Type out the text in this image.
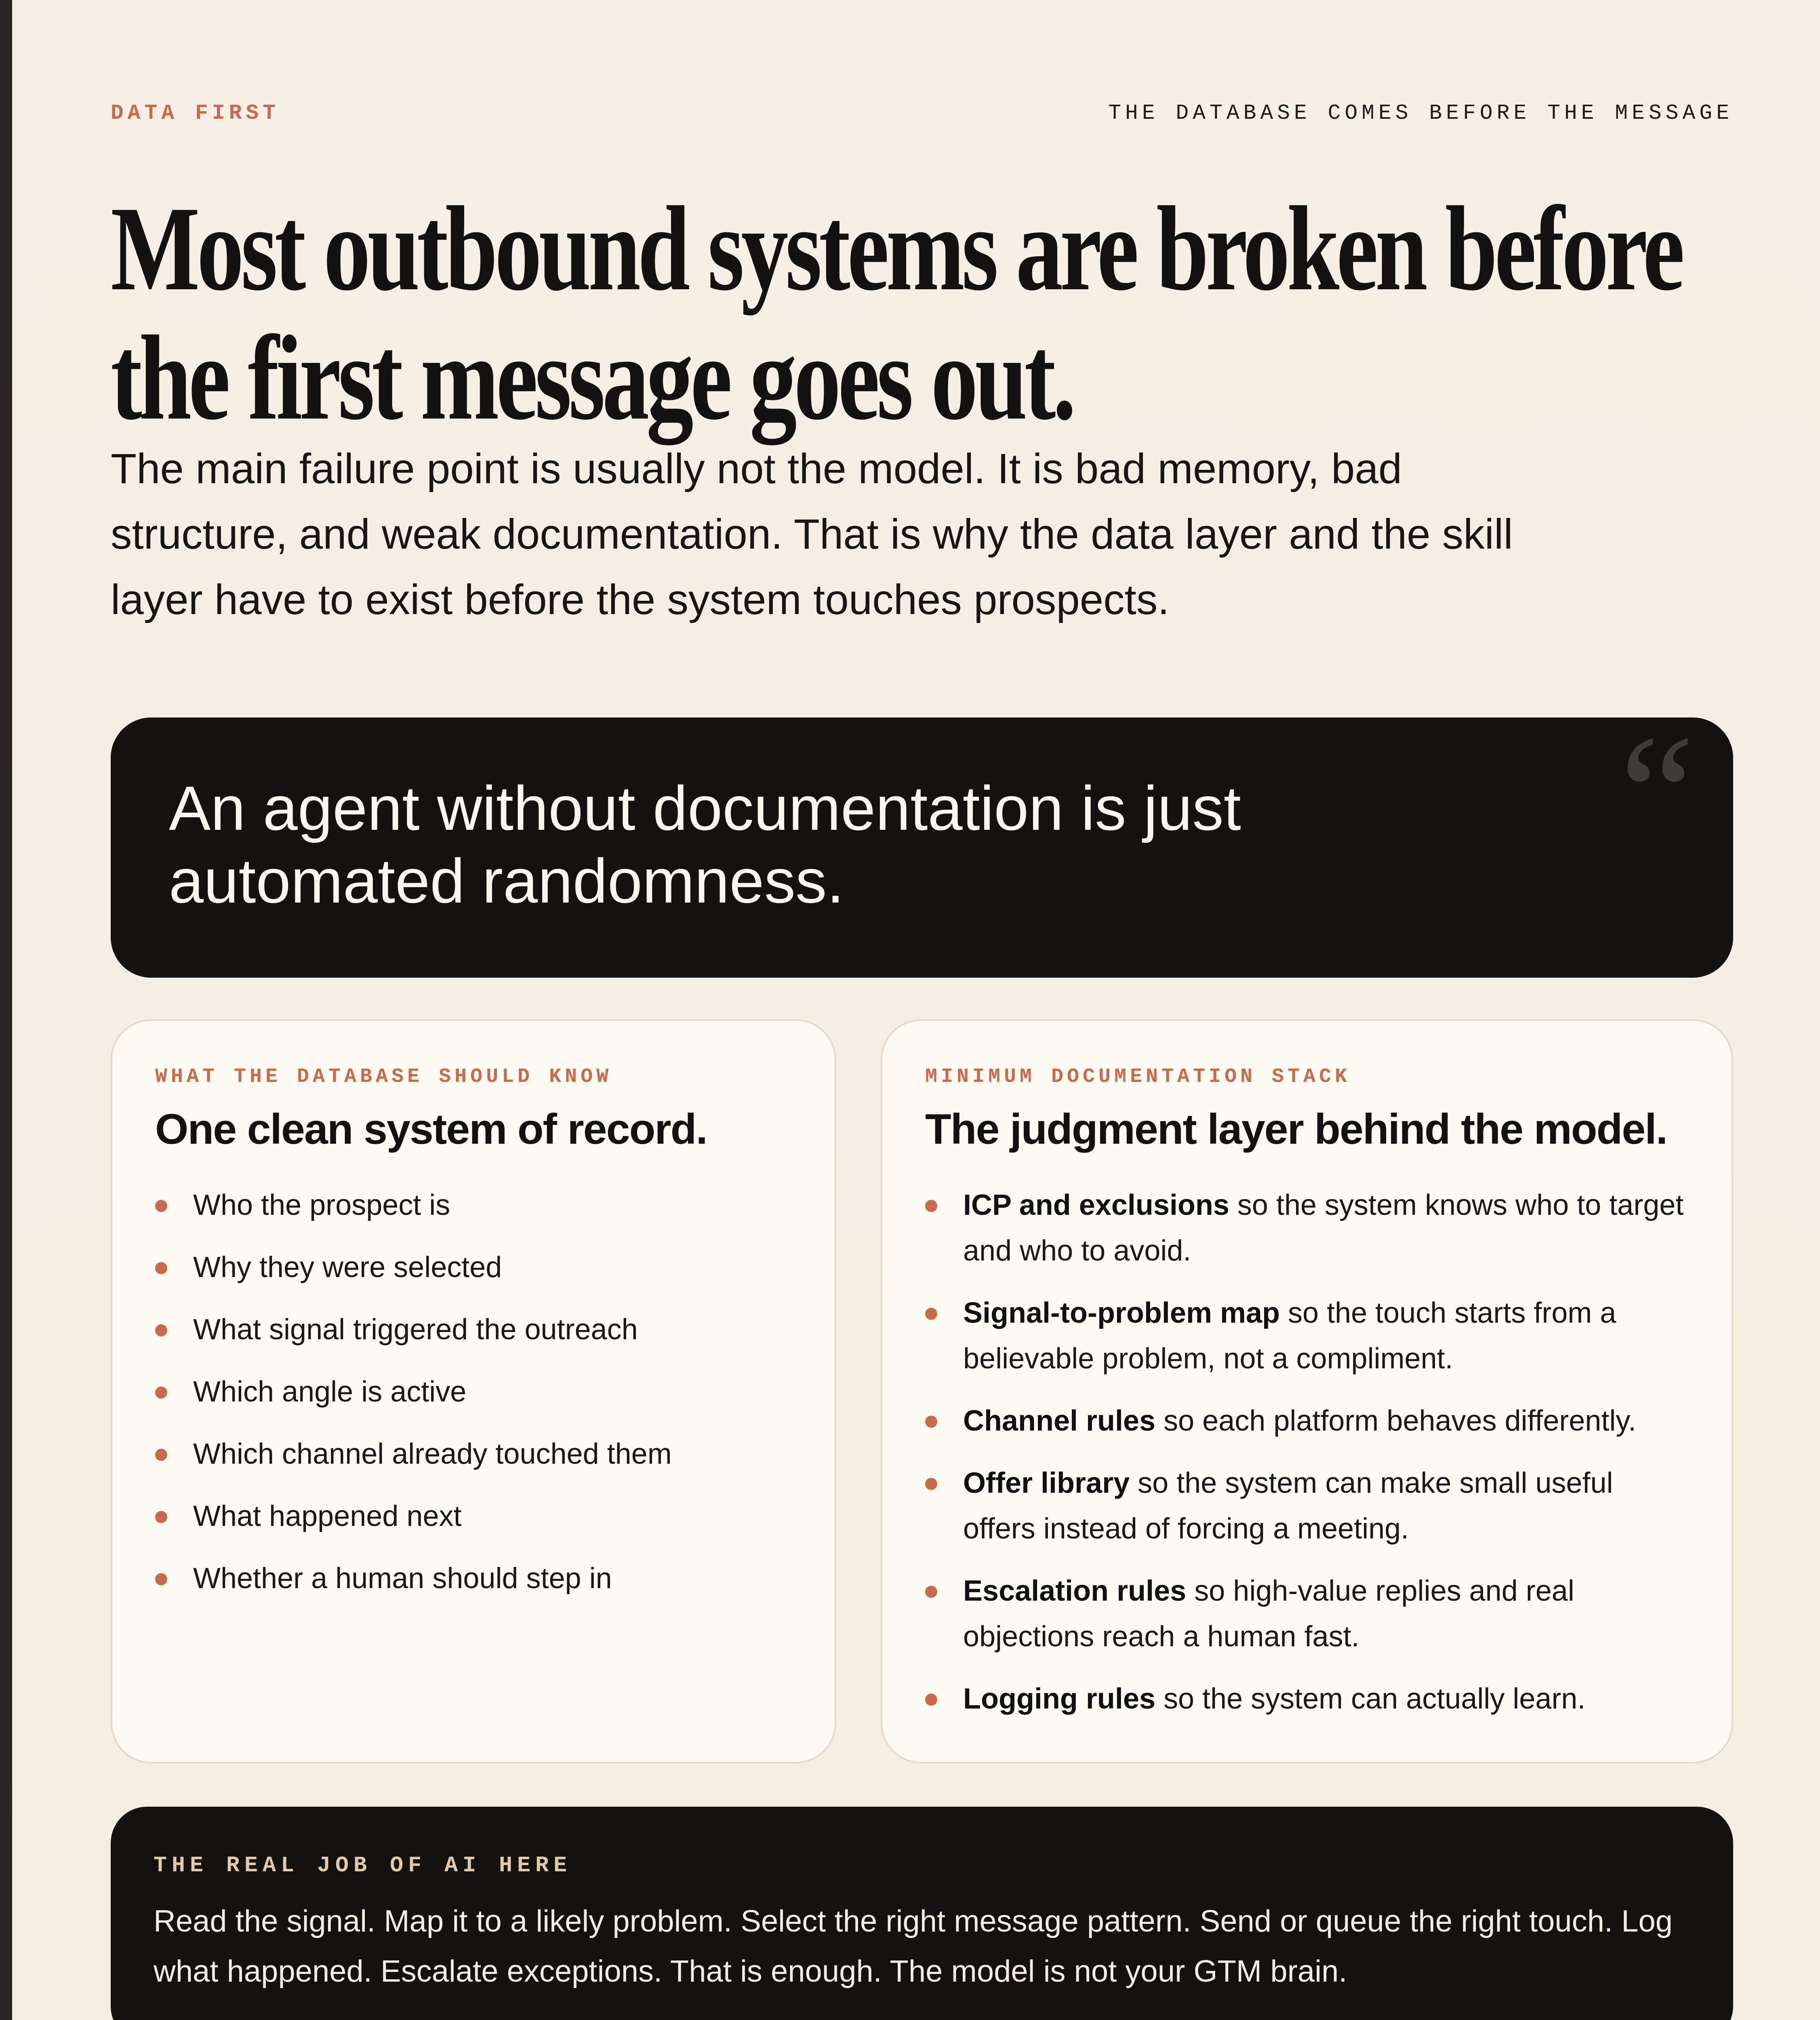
DATA FIRST	THE DATABASE COMES BEFORE THE MESSAGE
Most outbound systems are broken before the first message goes out.

The main failure point is usually not the model. It is bad memory, bad structure, and weak documentation. That is why the data layer and the skill layer have to exist before the system touches prospects.

“

An agent without documentation is just automated randomness.

WHAT THE DATABASE SHOULD KNOW
One clean system of record.
Who the prospect is
Why they were selected
What signal triggered the outreach
Which angle is active
Which channel already touched them
What happened next
Whether a human should step in
MINIMUM DOCUMENTATION STACK
The judgment layer behind the model.
ICP and exclusions so the system knows who to target and who to avoid.
Signal-to-problem map so the touch starts from a believable problem, not a compliment.
Channel rules so each platform behaves differently.
Offer library so the system can make small useful offers instead of forcing a meeting.
Escalation rules so high-value replies and real objections reach a human fast.
Logging rules so the system can actually learn.
THE REAL JOB OF AI HERE

Read the signal. Map it to a likely problem. Select the right message pattern. Send or queue the right touch. Log what happened. Escalate exceptions. That is enough. The model is not your GTM brain.
